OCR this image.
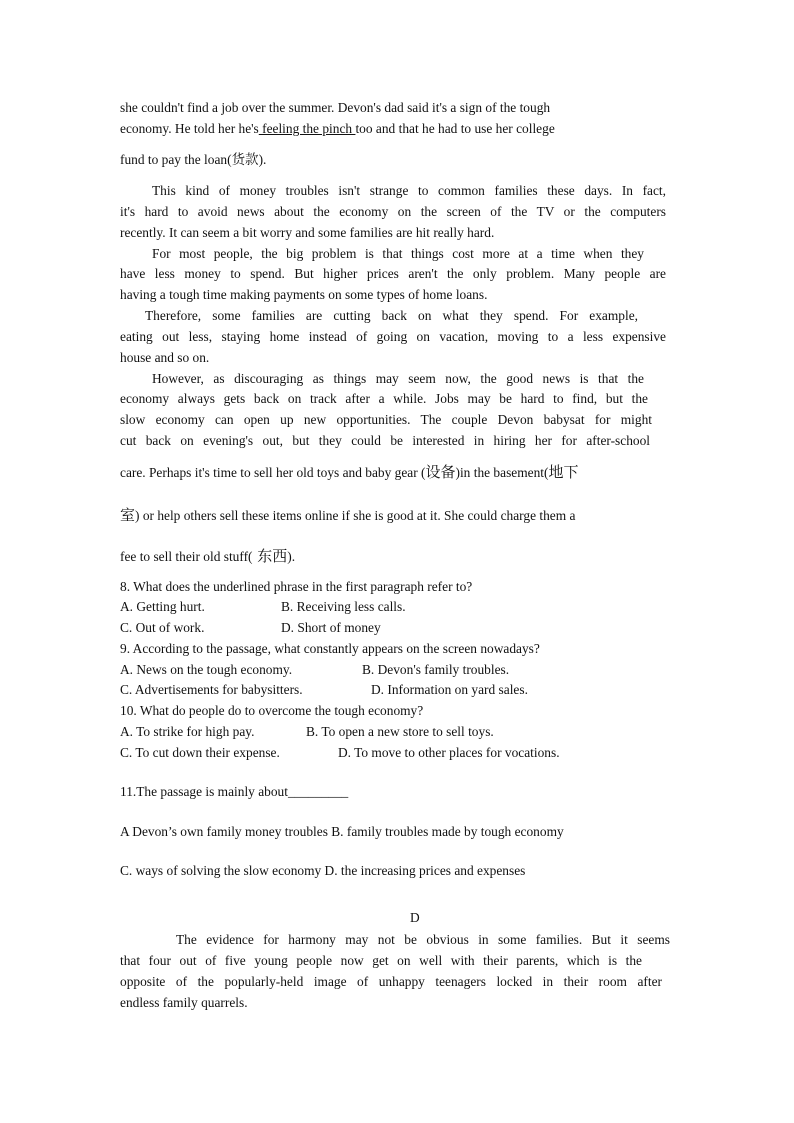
she couldn't find a job over the summer. Devon's dad said it's a sign of the tough
economy. He told her he's feeling the pinch too and that he had to use her college
fund to pay the loan(货款).
This kind of money troubles isn't strange to common families these days. In fact,
it's hard to avoid news about the economy on the screen of the TV or the computers
recently. It can seem a bit worry and some families are hit really hard.
For most people, the big problem is that things cost more at a time when they
have less money to spend. But higher prices aren't the only problem. Many people are
having a tough time making payments on some types of home loans.
Therefore, some families are cutting back on what they spend. For example,
eating out less, staying home instead of going on vacation, moving to a less expensive
house and so on.
However, as discouraging as things may seem now, the good news is that the
economy always gets back on track after a while. Jobs may be hard to find, but the
slow economy can open up new opportunities. The couple Devon babysat for might
cut back on evening's out, but they could be interested in hiring her for after-school
care. Perhaps it's time to sell her old toys and baby gear (设备)in the basement(地下
室) or help others sell these items online if she is good at it. She could charge them a
fee to sell their old stuff( 东西).
8. What does the underlined phrase in the first paragraph refer to?
A. Getting hurt.	B. Receiving less calls.
C. Out of work.	D. Short of money
9. According to the passage, what constantly appears on the screen nowadays?
A. News on the tough economy.	B. Devon's family troubles.
C. Advertisements for babysitters.	D. Information on yard sales.
10. What do people do to overcome the tough economy?
A. To strike for high pay.	B. To open a new store to sell toys.
C. To cut down their expense.	D. To move to other places for vocations.
11.The passage is mainly about_________
A Devon’s own family money troubles B. family troubles made by tough economy
C. ways of solving the slow economy D. the increasing prices and expenses
D
The evidence for harmony may not be obvious in some families. But it seems
that four out of five young people now get on well with their parents, which is the
opposite of the popularly-held image of unhappy teenagers locked in their room after
endless family quarrels.
